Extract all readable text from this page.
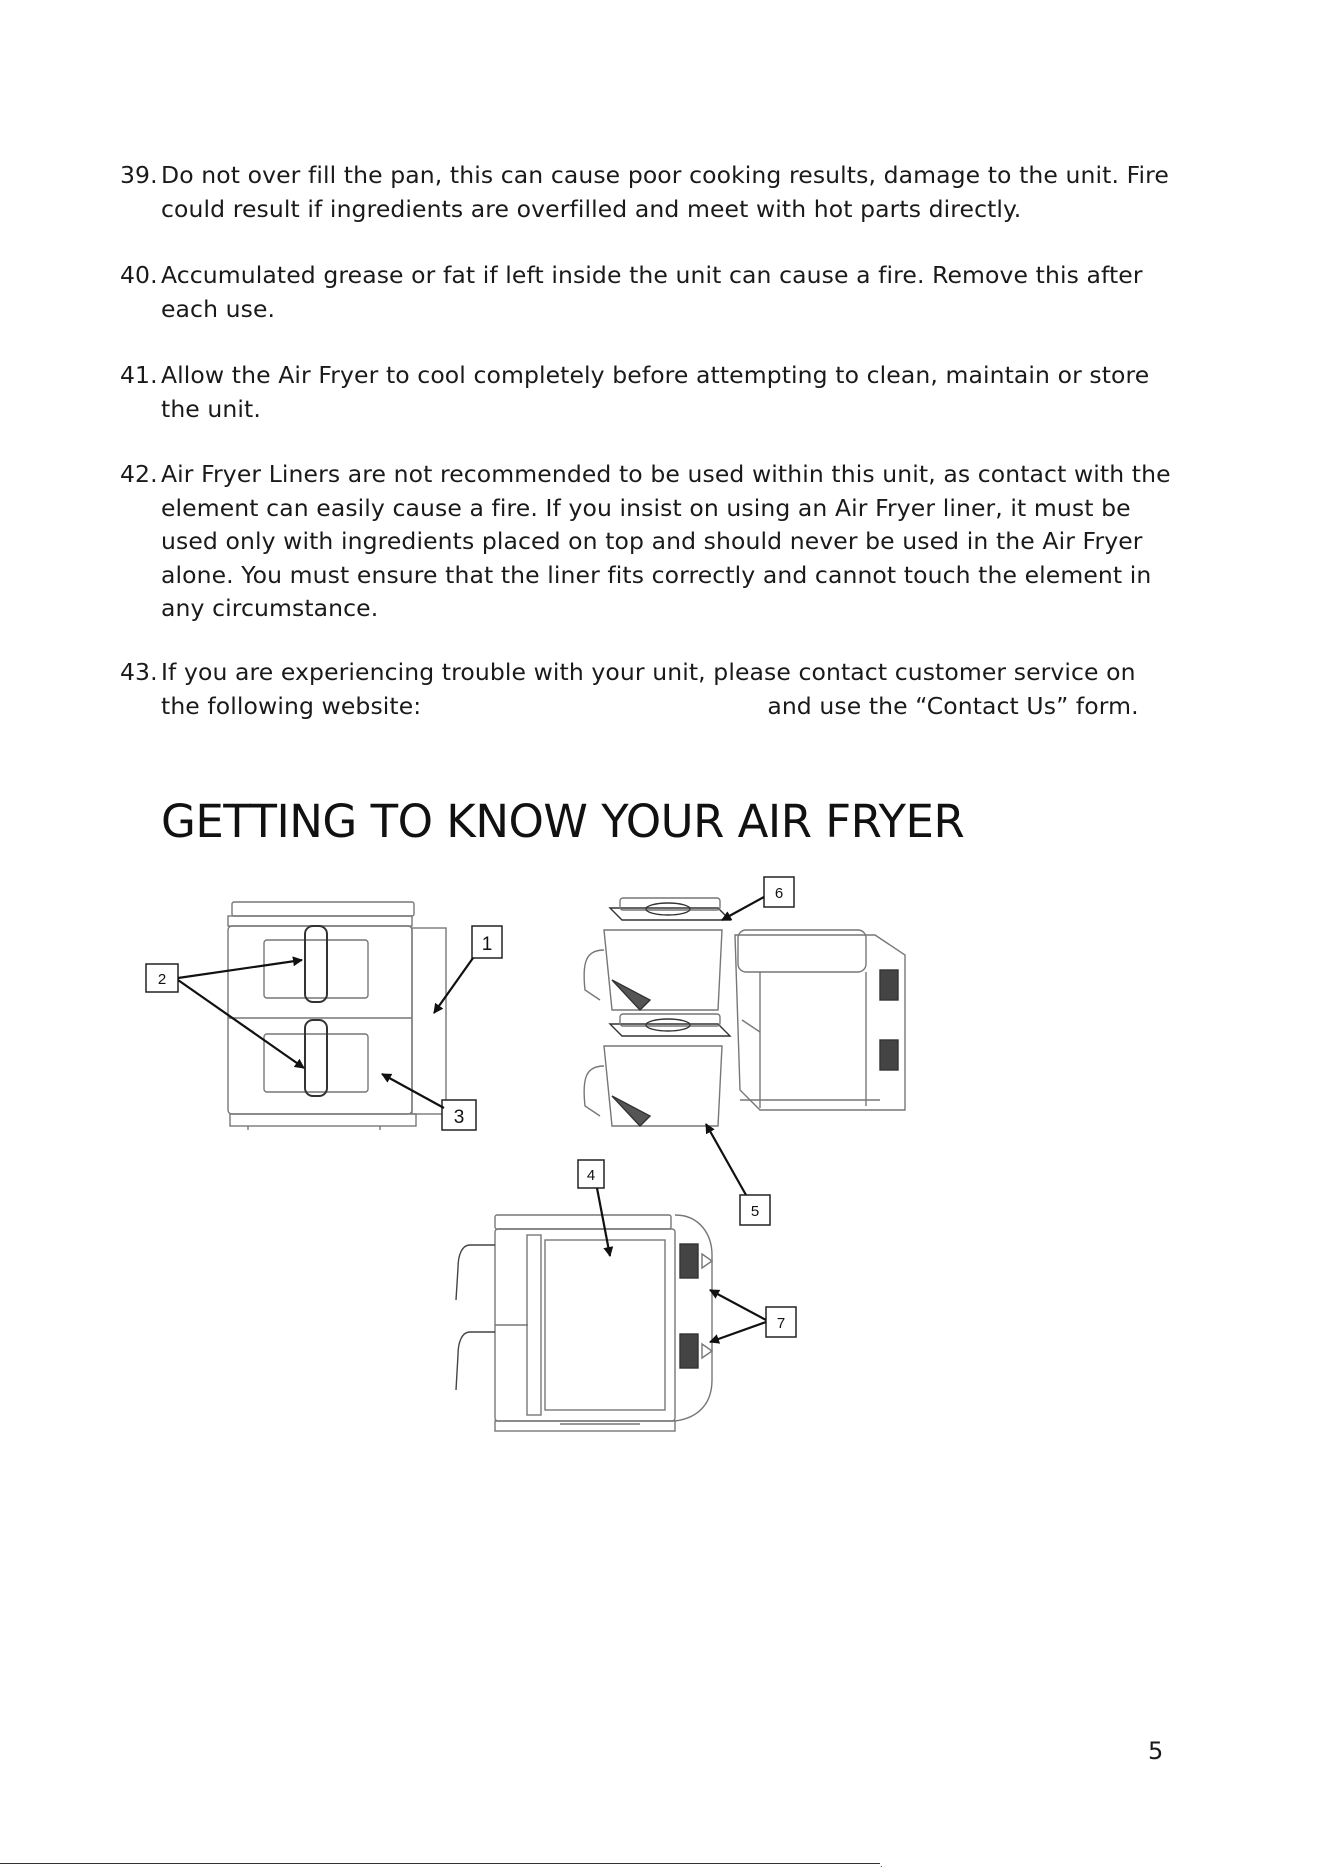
39. Do not over fill the pan, this can cause poor cooking results, damage to the unit. Fire could result if ingredients are overfilled and meet with hot parts directly.
40. Accumulated grease or fat if left inside the unit can cause a fire. Remove this after each use.
41. Allow the Air Fryer to cool completely before attempting to clean, maintain or store the unit.
42. Air Fryer Liners are not recommended to be used within this unit, as contact with the element can easily cause a fire. If you insist on using an Air Fryer liner, it must be used only with ingredients placed on top and should never be used in the Air Fryer alone. You must ensure that the liner fits correctly and cannot touch the element in any circumstance.
43. If you are experiencing trouble with your unit, please contact customer service on the following website:	and use the “Contact Us” form.
GETTING TO KNOW YOUR AIR FRYER
1
2
3
4
5
6
7
5
.
